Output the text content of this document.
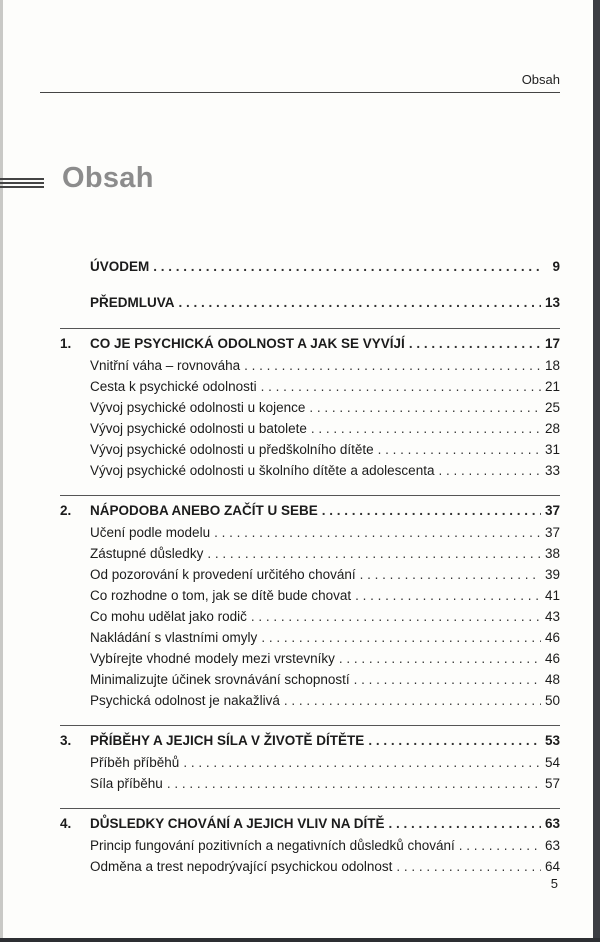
Obsah
Obsah
ÚVODEM . . .	9
PŘEDMLUVA . . .	13
1.	CO JE PSYCHICKÁ ODOLNOST A JAK SE VYVÍJÍ . . .	17
Vnitřní váha – rovnováha . . .	18
Cesta k psychické odolnosti . . .	21
Vývoj psychické odolnosti u kojence . . .	25
Vývoj psychické odolnosti u batolete . . .	28
Vývoj psychické odolnosti u předškolního dítěte . . .	31
Vývoj psychické odolnosti u školního dítěte a adolescenta . . .	33
2.	NÁPODOBA ANEBO ZAČÍT U SEBE . . .	37
Učení podle modelu . . .	37
Zástupné důsledky . . .	38
Od pozorování k provedení určitého chování . . .	39
Co rozhodne o tom, jak se dítě bude chovat . . .	41
Co mohu udělat jako rodič . . .	43
Nakládání s vlastními omyly . . .	46
Vybírejte vhodné modely mezi vrstevníky . . .	46
Minimalizujte účinek srovnávání schopností . . .	48
Psychická odolnost je nakažlivá . . .	50
3.	PŘÍBĚHY A JEJICH SÍLA V ŽIVOTĚ DÍTĚTE . . .	53
Příběh příběhů . . .	54
Síla příběhu . . .	57
4.	DŮSLEDKY CHOVÁNÍ A JEJICH VLIV NA DÍTĚ . . .	63
Princip fungování pozitivních a negativních důsledků chování . . .	63
Odměna a trest nepodrývající psychickou odolnost . . .	64
5
